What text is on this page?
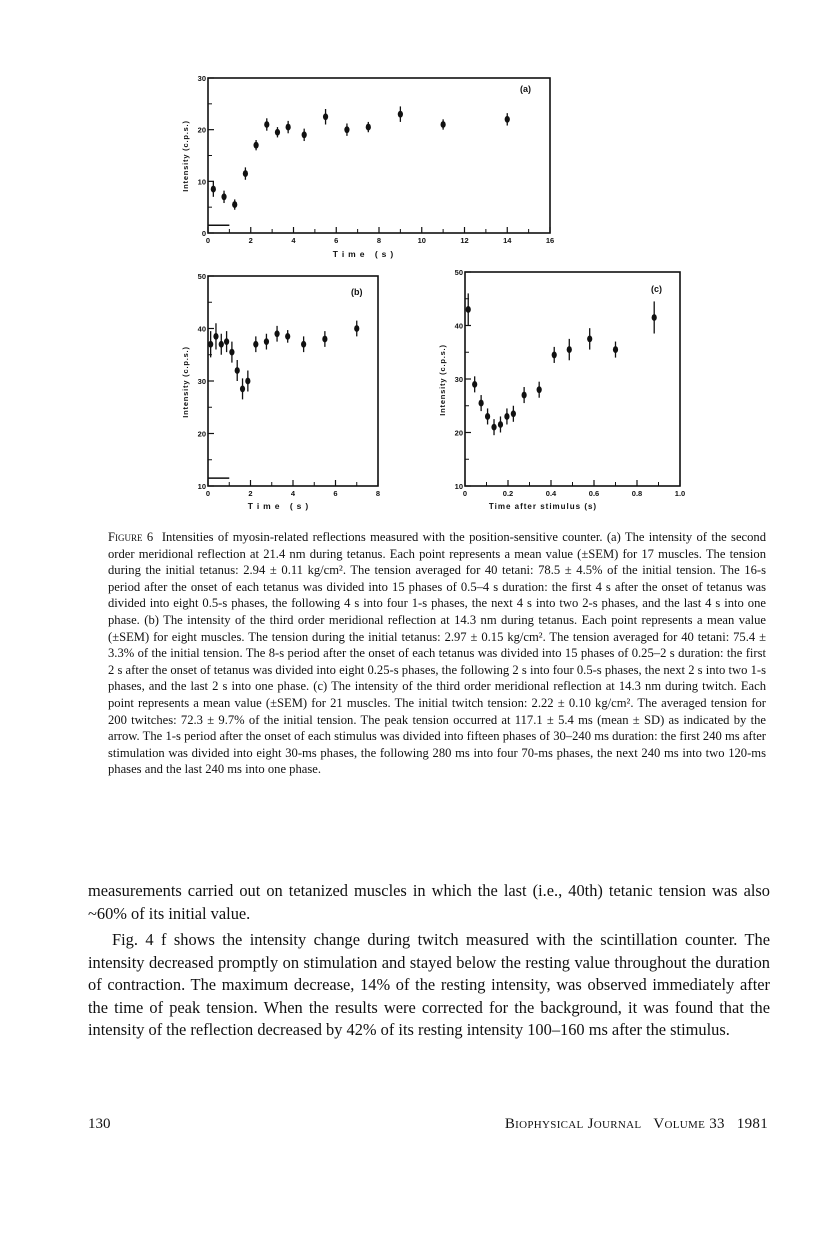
0	2	4	6	8	10	12	14	16
0
10
20
30
(a)
Time (s)
Intensity (c.p.s.)
0	2	4	6	8
10
20
30
40
50
(b)
Time (s)
Intensity (c.p.s.)
0	0.2	0.4	0.6	0.8	1.0
10
20
30
40
50
(c)
Time after stimulus (s)
Intensity (c.p.s.)
Figure 6 Intensities of myosin-related reflections measured with the position-sensitive counter. (a) The intensity of the second order meridional reflection at 21.4 nm during tetanus. Each point represents a mean value (±SEM) for 17 muscles. The tension during the initial tetanus: 2.94 ± 0.11 kg/cm². The tension averaged for 40 tetani: 78.5 ± 4.5% of the initial tension. The 16-s period after the onset of each tetanus was divided into 15 phases of 0.5–4 s duration: the first 4 s after the onset of tetanus was divided into eight 0.5-s phases, the following 4 s into four 1-s phases, the next 4 s into two 2-s phases, and the last 4 s into one phase. (b) The intensity of the third order meridional reflection at 14.3 nm during tetanus. Each point represents a mean value (±SEM) for eight muscles. The tension during the initial tetanus: 2.97 ± 0.15 kg/cm². The tension averaged for 40 tetani: 75.4 ± 3.3% of the initial tension. The 8-s period after the onset of each tetanus was divided into 15 phases of 0.25–2 s duration: the first 2 s after the onset of tetanus was divided into eight 0.25-s phases, the following 2 s into four 0.5-s phases, the next 2 s into two 1-s phases, and the last 2 s into one phase. (c) The intensity of the third order meridional reflection at 14.3 nm during twitch. Each point represents a mean value (±SEM) for 21 muscles. The initial twitch tension: 2.22 ± 0.10 kg/cm². The averaged tension for 200 twitches: 72.3 ± 9.7% of the initial tension. The peak tension occurred at 117.1 ± 5.4 ms (mean ± SD) as indicated by the arrow. The 1-s period after the onset of each stimulus was divided into fifteen phases of 30–240 ms duration: the first 240 ms after stimulation was divided into eight 30-ms phases, the following 280 ms into four 70-ms phases, the next 240 ms into two 120-ms phases and the last 240 ms into one phase.

measurements carried out on tetanized muscles in which the last (i.e., 40th) tetanic tension was also ~60% of its initial value.

Fig. 4 f shows the intensity change during twitch measured with the scintillation counter. The intensity decreased promptly on stimulation and stayed below the resting value throughout the duration of contraction. The maximum decrease, 14% of the resting intensity, was observed immediately after the time of peak tension. When the results were corrected for the background, it was found that the intensity of the reflection decreased by 42% of its resting intensity 100–160 ms after the stimulus.

130	Biophysical Journal Volume 33 1981
